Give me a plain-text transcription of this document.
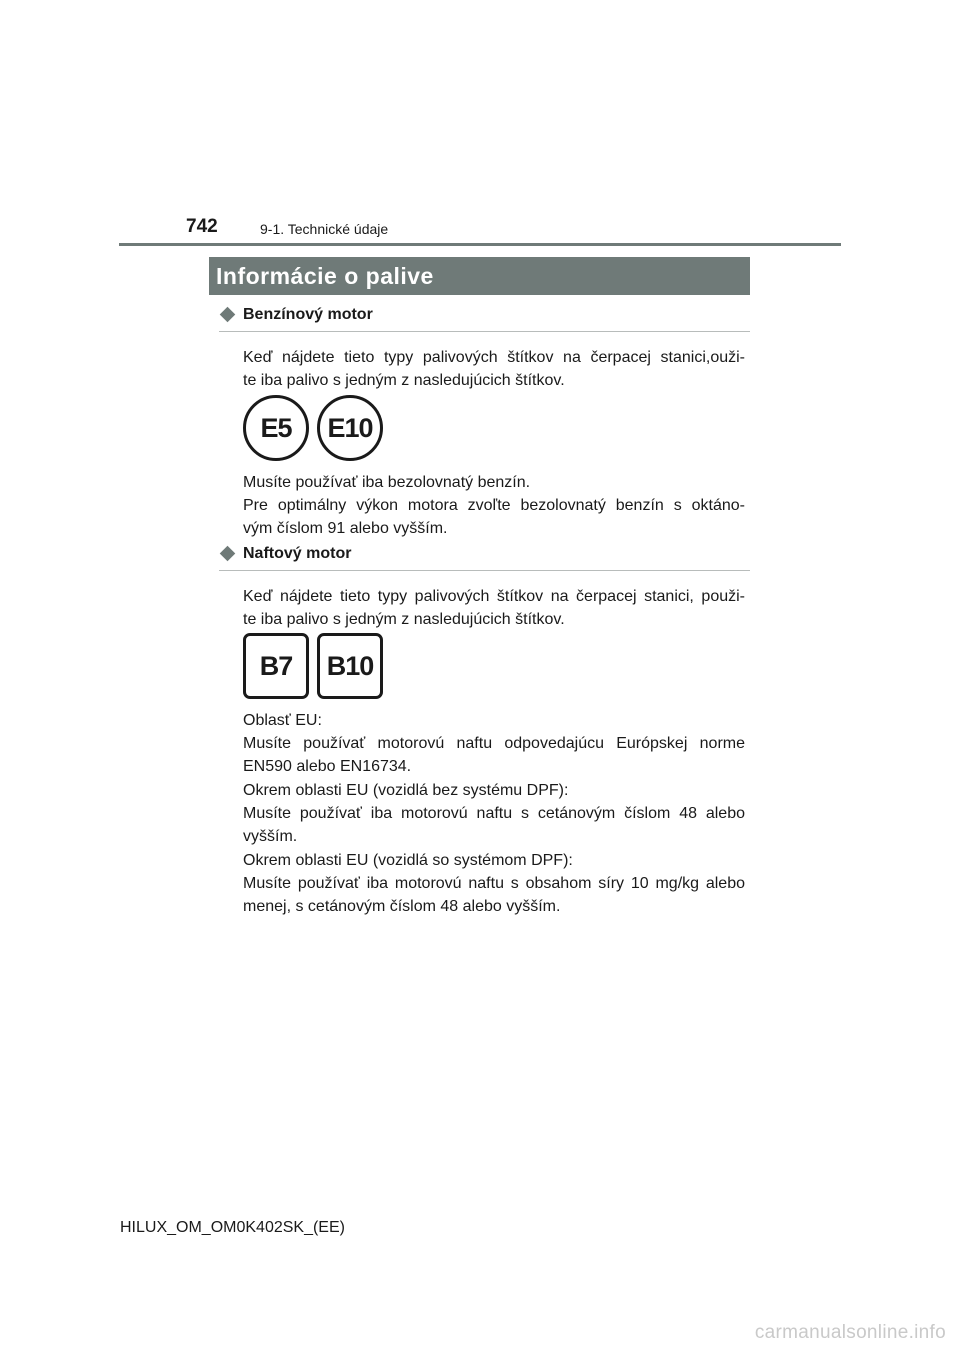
742	9-1. Technické údaje
Informácie o palive
Benzínový motor

Keď nájdete tieto typy palivových štítkov na čerpacej stanici,ouži-
te iba palivo s jedným z nasledujúcich štítkov.

E5	E10

Musíte používať iba bezolovnatý benzín.
Pre optimálny výkon motora zvoľte bezolovnatý benzín s oktáno-
vým číslom 91 alebo vyšším.

Naftový motor

Keď nájdete tieto typy palivových štítkov na čerpacej stanici, použi-
te iba palivo s jedným z nasledujúcich štítkov.

B7	B10

Oblasť EU:
Musíte používať motorovú naftu odpovedajúcu Európskej norme
EN590 alebo EN16734.

Okrem oblasti EU (vozidlá bez systému DPF):
Musíte používať iba motorovú naftu s cetánovým číslom 48 alebo
vyšším.

Okrem oblasti EU (vozidlá so systémom DPF):
Musíte používať iba motorovú naftu s obsahom síry 10 mg/kg alebo
menej, s cetánovým číslom 48 alebo vyšším.

HILUX_OM_OM0K402SK_(EE)
carmanualsonline.info
